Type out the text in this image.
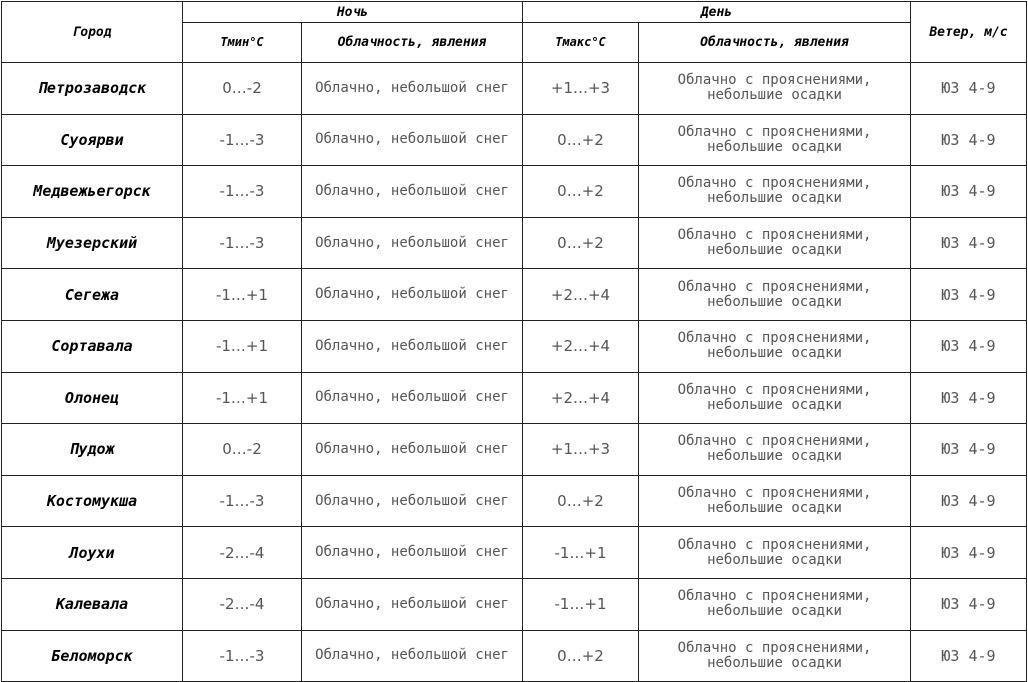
Город	Ночь		День		Ветер, м/с
	Тмин°С	Облачность, явления	Тмакс°С	Облачность, явления	
Петрозаводск	0…-2	Облачно, небольшой снег	+1…+3	Облачно с прояснениями, небольшие осадки	ЮЗ 4-9
Суоярви	-1…-3	Облачно, небольшой снег	0…+2	Облачно с прояснениями, небольшие осадки	ЮЗ 4-9
Медвежьегорск	-1…-3	Облачно, небольшой снег	0…+2	Облачно с прояснениями, небольшие осадки	ЮЗ 4-9
Муезерский	-1…-3	Облачно, небольшой снег	0…+2	Облачно с прояснениями, небольшие осадки	ЮЗ 4-9
Сегежа	-1…+1	Облачно, небольшой снег	+2…+4	Облачно с прояснениями, небольшие осадки	ЮЗ 4-9
Сортавала	-1…+1	Облачно, небольшой снег	+2…+4	Облачно с прояснениями, небольшие осадки	ЮЗ 4-9
Олонец	-1…+1	Облачно, небольшой снег	+2…+4	Облачно с прояснениями, небольшие осадки	ЮЗ 4-9
Пудож	0…-2	Облачно, небольшой снег	+1…+3	Облачно с прояснениями, небольшие осадки	ЮЗ 4-9
Костомукша	-1…-3	Облачно, небольшой снег	0…+2	Облачно с прояснениями, небольшие осадки	ЮЗ 4-9
Лоухи	-2…-4	Облачно, небольшой снег	-1…+1	Облачно с прояснениями, небольшие осадки	ЮЗ 4-9
Калевала	-2…-4	Облачно, небольшой снег	-1…+1	Облачно с прояснениями, небольшие осадки	ЮЗ 4-9
Беломорск	-1…-3	Облачно, небольшой снег	0…+2	Облачно с прояснениями, небольшие осадки	ЮЗ 4-9
